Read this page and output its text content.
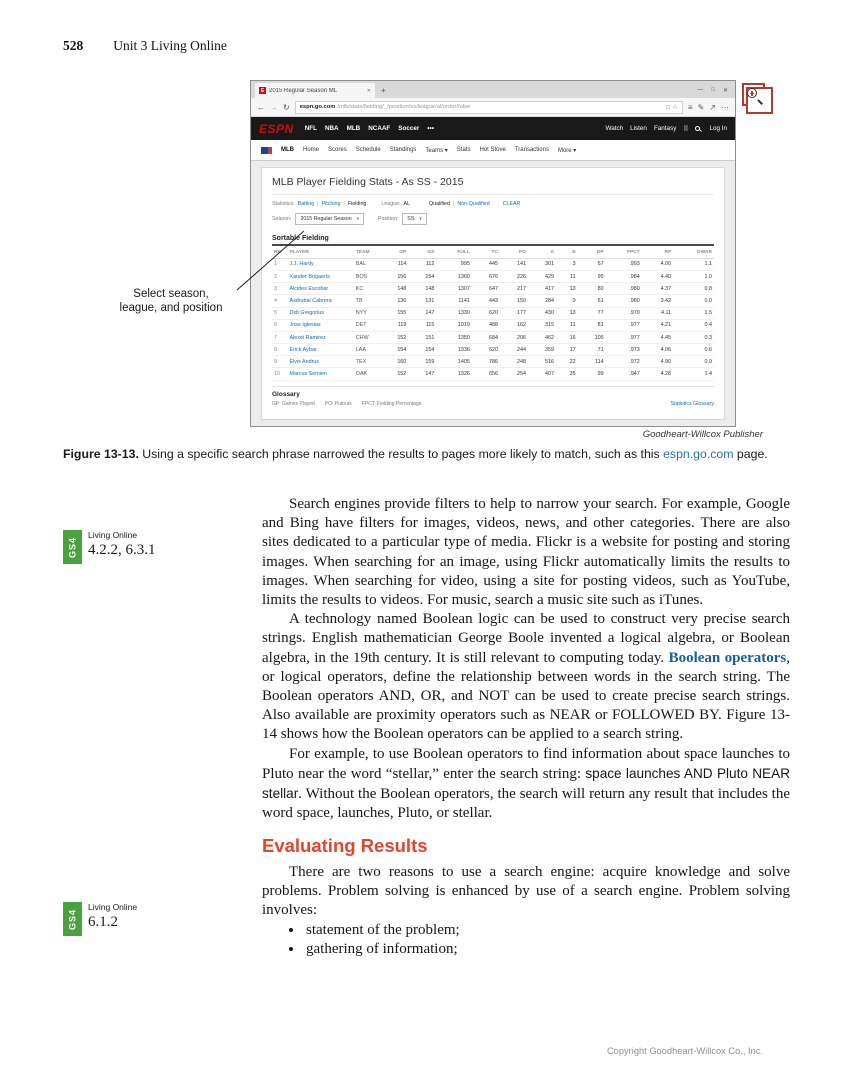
528 Unit 3 Living Online
E 2015 Regular Season ML	✕ +	— □ ✕
← → ↻ espn.go.com /mlb/stats/fielding/_/position/ss/league/al/order/false	□ ☆ ≡ ✎ ↗ ⋯
ESPN NFL NBA MLB NCAAF Soccer •••	Watch Listen Fantasy ⠿	Log In
MLB Home Scores Schedule Standings Teams ▾ Stats Hot Stove Transactions More ▾
MLB Player Fielding Stats - As SS - 2015
Statistics: Batting | Pitching | Fielding	League: AL	Qualified | Non-Qualified CLEAR
Season: 2015 Regular Season ▾	Position: SS ▾
Sortable Fielding
RK	PLAYER	TEAM	GP	GS	FULL	TC	PO	A	E	DP	FPCT	RF	DWAR
1	J.J. Hardy	BAL	114	112	995	445	141	301	3	57	.993	4.00	1.1
2	Xander Bogaerts	BOS	156	154	1360	676	226	429	11	95	.984	4.40	1.0
3	Alcides Escobar	KC	148	148	1307	647	217	417	13	80	.980	4.37	0.8
4	Asdrubal Cabrera	TB	136	131	1141	443	150	284	9	51	.980	3.42	0.0
5	Didi Gregorius	NYY	155	147	1330	620	177	430	13	77	.979	4.11	1.5
6	Jose Iglesias	DET	119	115	1019	488	162	315	11	81	.977	4.21	0.4
7	Alexei Ramirez	CHW	152	151	1350	684	206	462	16	105	.977	4.45	0.3
8	Erick Aybar	LAA	154	154	1336	620	244	359	17	71	.973	4.06	0.6
9	Elvis Andrus	TEX	160	159	1405	786	248	516	22	114	.972	4.90	0.9
10	Marcus Semien	OAK	152	147	1326	656	254	407	35	99	.947	4.28	1.4
Glossary
GP: Games Played PO: Putouts FPCT: Fielding Percentage	Statistics Glossary
Select season,
league, and position
Goodheart-Willcox Publisher

Figure 13-13. Using a specific search phrase narrowed the results to pages more likely to match, such as this espn.go.com page.

GS4
Living Online
4.2.2, 6.3.1
GS4
Living Online
6.1.2

Search engines provide filters to help to narrow your search. For example, Google and Bing have filters for images, videos, news, and other categories. There are also sites dedicated to a particular type of media. Flickr is a website for posting and storing images. When searching for an image, using Flickr automatically limits the results to images. When searching for video, using a site for posting videos, such as YouTube, limits the results to videos. For music, search a music site such as iTunes.

A technology named Boolean logic can be used to construct very precise search strings. English mathematician George Boole invented a logical algebra, or Boolean algebra, in the 19th century. It is still relevant to computing today. Boolean operators, or logical operators, define the relationship between words in the search string. The Boolean operators AND, OR, and NOT can be used to create precise search strings. Also available are proximity operators such as NEAR or FOLLOWED BY. Figure 13-14 shows how the Boolean operators can be applied to a search string.

For example, to use Boolean operators to find information about space launches to Pluto near the word “stellar,” enter the search string: space launches AND Pluto NEAR stellar. Without the Boolean operators, the search will return any result that includes the word space, launches, Pluto, or stellar.

Evaluating Results

There are two reasons to use a search engine: acquire knowledge and solve problems. Problem solving is enhanced by use of a search engine. Problem solving involves:

• statement of the problem;
• gathering of information;
Copyright Goodheart-Willcox Co., Inc.
